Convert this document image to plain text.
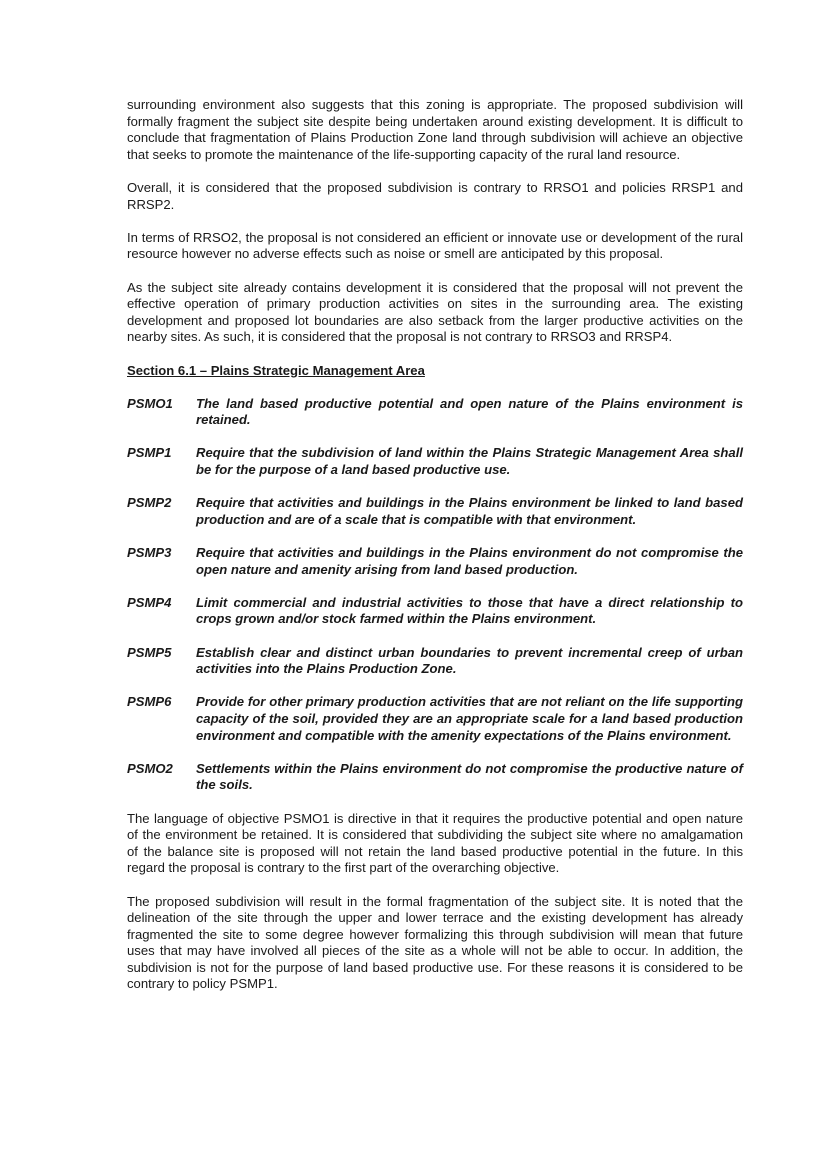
surrounding environment also suggests that this zoning is appropriate. The proposed subdivision will formally fragment the subject site despite being undertaken around existing development. It is difficult to conclude that fragmentation of Plains Production Zone land through subdivision will achieve an objective that seeks to promote the maintenance of the life-supporting capacity of the rural land resource.

Overall, it is considered that the proposed subdivision is contrary to RRSO1 and policies RRSP1 and RRSP2.

In terms of RRSO2, the proposal is not considered an efficient or innovate use or development of the rural resource however no adverse effects such as noise or smell are anticipated by this proposal.

As the subject site already contains development it is considered that the proposal will not prevent the effective operation of primary production activities on sites in the surrounding area. The existing development and proposed lot boundaries are also setback from the larger productive activities on the nearby sites. As such, it is considered that the proposal is not contrary to RRSO3 and RRSP4.

Section 6.1 – Plains Strategic Management Area

PSMO1	The land based productive potential and open nature of the Plains environment is retained.
PSMP1	Require that the subdivision of land within the Plains Strategic Management Area shall be for the purpose of a land based productive use.
PSMP2	Require that activities and buildings in the Plains environment be linked to land based production and are of a scale that is compatible with that environment.
PSMP3	Require that activities and buildings in the Plains environment do not compromise the open nature and amenity arising from land based production.
PSMP4	Limit commercial and industrial activities to those that have a direct relationship to crops grown and/or stock farmed within the Plains environment.
PSMP5	Establish clear and distinct urban boundaries to prevent incremental creep of urban activities into the Plains Production Zone.
PSMP6	Provide for other primary production activities that are not reliant on the life supporting capacity of the soil, provided they are an appropriate scale for a land based production environment and compatible with the amenity expectations of the Plains environment.
PSMO2	Settlements within the Plains environment do not compromise the productive nature of the soils.

The language of objective PSMO1 is directive in that it requires the productive potential and open nature of the environment be retained. It is considered that subdividing the subject site where no amalgamation of the balance site is proposed will not retain the land based productive potential in the future. In this regard the proposal is contrary to the first part of the overarching objective.

The proposed subdivision will result in the formal fragmentation of the subject site. It is noted that the delineation of the site through the upper and lower terrace and the existing development has already fragmented the site to some degree however formalizing this through subdivision will mean that future uses that may have involved all pieces of the site as a whole will not be able to occur. In addition, the subdivision is not for the purpose of land based productive use. For these reasons it is considered to be contrary to policy PSMP1.
